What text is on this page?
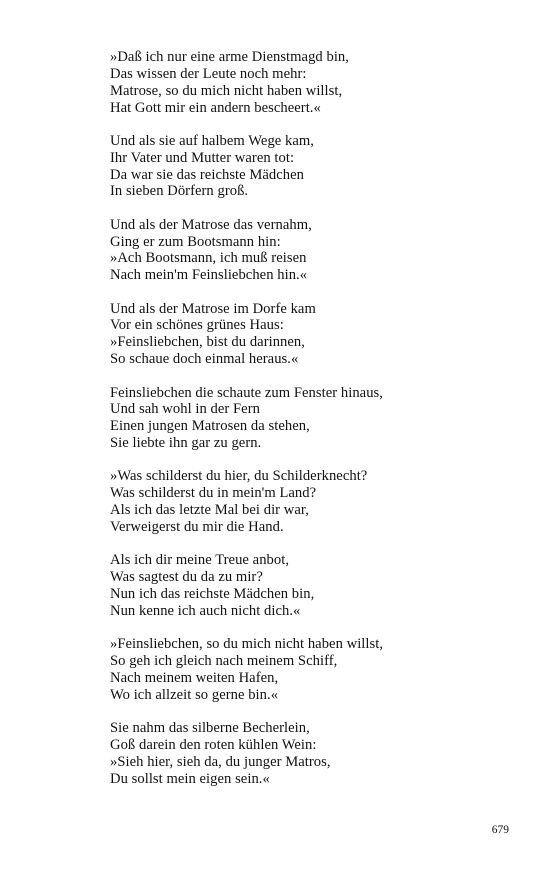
»Daß ich nur eine arme Dienstmagd bin,
Das wissen der Leute noch mehr:
Matrose, so du mich nicht haben willst,
Hat Gott mir ein andern bescheert.«
Und als sie auf halbem Wege kam,
Ihr Vater und Mutter waren tot:
Da war sie das reichste Mädchen
In sieben Dörfern groß.
Und als der Matrose das vernahm,
Ging er zum Bootsmann hin:
»Ach Bootsmann, ich muß reisen
Nach mein'm Feinsliebchen hin.«
Und als der Matrose im Dorfe kam
Vor ein schönes grünes Haus:
»Feinsliebchen, bist du darinnen,
So schaue doch einmal heraus.«
Feinsliebchen die schaute zum Fenster hinaus,
Und sah wohl in der Fern
Einen jungen Matrosen da stehen,
Sie liebte ihn gar zu gern.
»Was schilderst du hier, du Schilderknecht?
Was schilderst du in mein'm Land?
Als ich das letzte Mal bei dir war,
Verweigerst du mir die Hand.
Als ich dir meine Treue anbot,
Was sagtest du da zu mir?
Nun ich das reichste Mädchen bin,
Nun kenne ich auch nicht dich.«
»Feinsliebchen, so du mich nicht haben willst,
So geh ich gleich nach meinem Schiff,
Nach meinem weiten Hafen,
Wo ich allzeit so gerne bin.«
Sie nahm das silberne Becherlein,
Goß darein den roten kühlen Wein:
»Sieh hier, sieh da, du junger Matros,
Du sollst mein eigen sein.«
679
